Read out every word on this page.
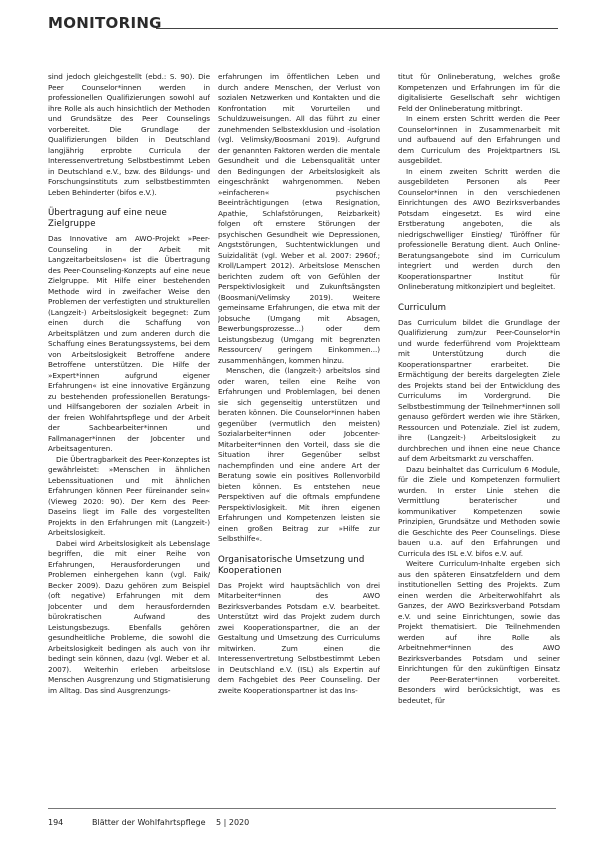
MONITORING

sind jedoch gleichgestellt (ebd.: S. 90). Die Peer Counselor*innen werden in professionellen Qualifizierungen sowohl auf ihre Rolle als auch hinsichtlich der Methoden und Grundsätze des Peer Counselings vorbereitet. Die Grundlage der Qualifizierungen bilden in Deutschland langjährig erprobte Curricula der Interessenvertretung Selbstbestimmt Leben in Deutschland e.V., bzw. des Bildungs- und Forschungsinstituts zum selbstbestimmten Leben Behinderter (bifos e.V.).

Übertragung auf eine neue Zielgruppe

Das Innovative am AWO-Projekt »Peer-Counseling in der Arbeit mit Langzeitarbeitslosen« ist die Übertragung des Peer-Counseling-Konzepts auf eine neue Zielgruppe. Mit Hilfe einer bestehenden Methode wird in zweifacher Weise den Problemen der verfestigten und strukturellen (Langzeit-) Arbeitslosigkeit begegnet: Zum einen durch die Schaffung von Arbeitsplätzen und zum anderen durch die Schaffung eines Beratungssystems, bei dem von Arbeitslosigkeit Betroffene andere Betroffene unterstützen. Die Hilfe der »Expert*innen aufgrund eigener Erfahrungen« ist eine innovative Ergänzung zu bestehenden professionellen Beratungs- und Hilfsangeboren der sozialen Arbeit in der freien Wohlfahrtspflege und der Arbeit der Sachbearbeiter*innen und Fallmanager*innen der Jobcenter und Arbeitsagenturen.

Die Übertragbarkeit des Peer-Konzeptes ist gewährleistet: »Menschen in ähnlichen Lebenssituationen und mit ähnlichen Erfahrungen können Peer füreinander sein« (Vieweg 2020: 90). Der Kern des Peer-Daseins liegt im Falle des vorgestellten Projekts in den Erfahrungen mit (Langzeit-) Arbeitslosigkeit.

Dabei wird Arbeitslosigkeit als Lebenslage begriffen, die mit einer Reihe von Erfahrungen, Herausforderungen und Problemen einhergehen kann (vgl. Faik/ Becker 2009). Dazu gehören zum Beispiel (oft negative) Erfahrungen mit dem Jobcenter und dem herausfordernden bürokratischen Aufwand des Leistungsbezugs. Ebenfalls gehören gesundheitliche Probleme, die sowohl die Arbeitslosigkeit bedingen als auch von ihr bedingt sein können, dazu (vgl. Weber et al. 2007). Weiterhin erleben arbeitslose Menschen Ausgrenzung und Stigmatisierung im Alltag. Das sind Ausgrenzungs-

erfahrungen im öffentlichen Leben und durch andere Menschen, der Verlust von sozialen Netzwerken und Kontakten und die Konfrontation mit Vorurteilen und Schuldzuweisungen. All das führt zu einer zunehmenden Selbstexklusion und -isolation (vgl. Velimsky/Boosmani 2019). Aufgrund der genannten Faktoren werden die mentale Gesundheit und die Lebensqualität unter den Bedingungen der Arbeitslosigkeit als eingeschränkt wahrgenommen. Neben »einfacheren« psychischen Beeinträchtigungen (etwa Resignation, Apathie, Schlafstörungen, Reizbarkeit) folgen oft ernstere Störungen der psychischen Gesundheit wie Depressionen, Angststörungen, Suchtentwicklungen und Suizidalität (vgl. Weber et al. 2007: 2960f.; Kroll/Lampert 2012). Arbeitslose Menschen berichten zudem oft von Gefühlen der Perspektivlosigkeit und Zukunftsängsten (Boosmani/Velimsky 2019). Weitere gemeinsame Erfahrungen, die etwa mit der Jobsuche (Umgang mit Absagen, Bewerbungsprozesse...) oder dem Leistungsbezug (Umgang mit begrenzten Ressourcen/ geringem Einkommen...) zusammenhängen, kommen hinzu.

Menschen, die (langzeit-) arbeitslos sind oder waren, teilen eine Reihe von Erfahrungen und Problemlagen, bei denen sie sich gegenseitig unterstützen und beraten können. Die Counselor*innen haben gegenüber (vermutlich den meisten) Sozialarbeiter*innen oder Jobcenter-Mitarbeiter*innen den Vorteil, dass sie die Situation ihrer Gegenüber selbst nachempfinden und eine andere Art der Beratung sowie ein positives Rollenvorbild bieten können. Es entstehen neue Perspektiven auf die oftmals empfundene Perspektivlosigkeit. Mit ihren eigenen Erfahrungen und Kompetenzen leisten sie einen großen Beitrag zur »Hilfe zur Selbsthilfe«.

Organisatorische Umsetzung und Kooperationen

Das Projekt wird hauptsächlich von drei Mitarbeiter*innen des AWO Bezirksverbandes Potsdam e.V. bearbeitet. Unterstützt wird das Projekt zudem durch zwei Kooperationspartner, die an der Gestaltung und Umsetzung des Curriculums mitwirken. Zum einen die Interessenvertretung Selbstbestimmt Leben in Deutschland e.V. (ISL) als Expertin auf dem Fachgebiet des Peer Counseling. Der zweite Kooperationspartner ist das Ins-

titut für Onlineberatung, welches große Kompetenzen und Erfahrungen im für die digitalisierte Gesellschaft sehr wichtigen Feld der Onlineberatung mitbringt.

In einem ersten Schritt werden die Peer Counselor*innen in Zusammenarbeit mit und aufbauend auf den Erfahrungen und dem Curriculum des Projektpartners ISL ausgebildet.

In einem zweiten Schritt werden die ausgebildeten Personen als Peer Counselor*innen in den verschiedenen Einrichtungen des AWO Bezirksverbandes Potsdam eingesetzt. Es wird eine Erstberatung angeboten, die als niedrigschwelliger Einstieg/ Türöffner für professionelle Beratung dient. Auch Online-Beratungsangebote sind im Curriculum integriert und werden durch den Kooperationspartner Institut für Onlineberatung mitkonzipiert und begleitet.

Curriculum

Das Curriculum bildet die Grundlage der Qualifizierung zum/zur Peer-Counselor*in und wurde federführend vom Projektteam mit Unterstützung durch die Kooperationspartner erarbeitet. Die Ermächtigung der bereits dargelegten Ziele des Projekts stand bei der Entwicklung des Curriculums im Vordergrund. Die Selbstbestimmung der Teilnehmer*innen soll genauso gefördert werden wie ihre Stärken, Ressourcen und Potenziale. Ziel ist zudem, ihre (Langzeit-) Arbeitslosigkeit zu durchbrechen und ihnen eine neue Chance auf dem Arbeitsmarkt zu verschaffen.

Dazu beinhaltet das Curriculum 6 Module, für die Ziele und Kompetenzen formuliert wurden. In erster Linie stehen die Vermittlung beraterischer und kommunikativer Kompetenzen sowie Prinzipien, Grundsätze und Methoden sowie die Geschichte des Peer Counselings. Diese bauen u.a. auf den Erfahrungen und Curricula des ISL e.V. bifos e.V. auf.

Weitere Curriculum-Inhalte ergeben sich aus den späteren Einsatzfeldern und dem institutionellen Setting des Projekts. Zum einen werden die Arbeiterwohlfahrt als Ganzes, der AWO Bezirksverband Potsdam e.V. und seine Einrichtungen, sowie das Projekt thematisiert. Die Teilnehmenden werden auf ihre Rolle als Arbeitnehmer*innen des AWO Bezirksverbandes Potsdam und seiner Einrichtungen für den zukünftigen Einsatz der Peer-Berater*innen vorbereitet. Besonders wird berücksichtigt, was es bedeutet, für

194	Blätter der Wohlfahrtspflege 5 | 2020
